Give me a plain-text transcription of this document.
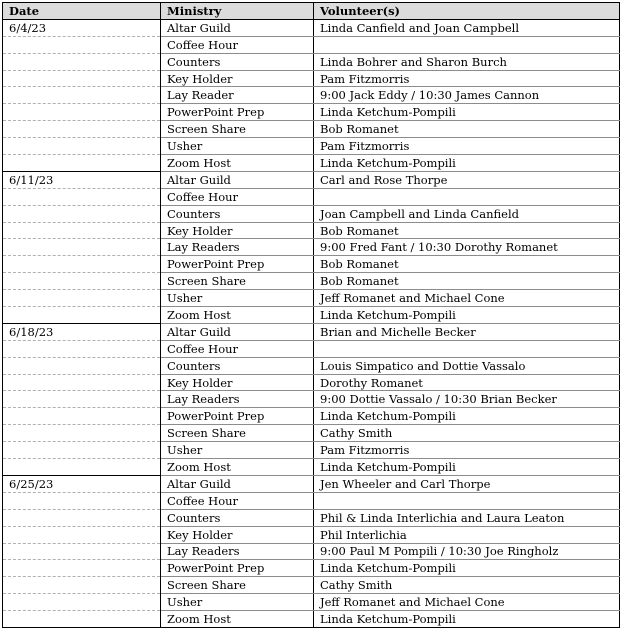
Date	Ministry	Volunteer(s)
6/4/23	Altar Guild	Linda Canfield and Joan Campbell
	Coffee Hour	
	Counters	Linda Bohrer and Sharon Burch
	Key Holder	Pam Fitzmorris
	Lay Reader	9:00 Jack Eddy / 10:30 James Cannon
	PowerPoint Prep	Linda Ketchum-Pompili
	Screen Share	Bob Romanet
	Usher	Pam Fitzmorris
	Zoom Host	Linda Ketchum-Pompili
6/11/23	Altar Guild	Carl and Rose Thorpe
	Coffee Hour	
	Counters	Joan Campbell and Linda Canfield
	Key Holder	Bob Romanet
	Lay Readers	9:00 Fred Fant / 10:30 Dorothy Romanet
	PowerPoint Prep	Bob Romanet
	Screen Share	Bob Romanet
	Usher	Jeff Romanet and Michael Cone
	Zoom Host	Linda Ketchum-Pompili
6/18/23	Altar Guild	Brian and Michelle Becker
	Coffee Hour	
	Counters	Louis Simpatico and Dottie Vassalo
	Key Holder	Dorothy Romanet
	Lay Readers	9:00 Dottie Vassalo / 10:30 Brian Becker
	PowerPoint Prep	Linda Ketchum-Pompili
	Screen Share	Cathy Smith
	Usher	Pam Fitzmorris
	Zoom Host	Linda Ketchum-Pompili
6/25/23	Altar Guild	Jen Wheeler and Carl Thorpe
	Coffee Hour	
	Counters	Phil & Linda Interlichia and Laura Leaton
	Key Holder	Phil Interlichia
	Lay Readers	9:00 Paul M Pompili / 10:30 Joe Ringholz
	PowerPoint Prep	Linda Ketchum-Pompili
	Screen Share	Cathy Smith
	Usher	Jeff Romanet and Michael Cone
	Zoom Host	Linda Ketchum-Pompili
